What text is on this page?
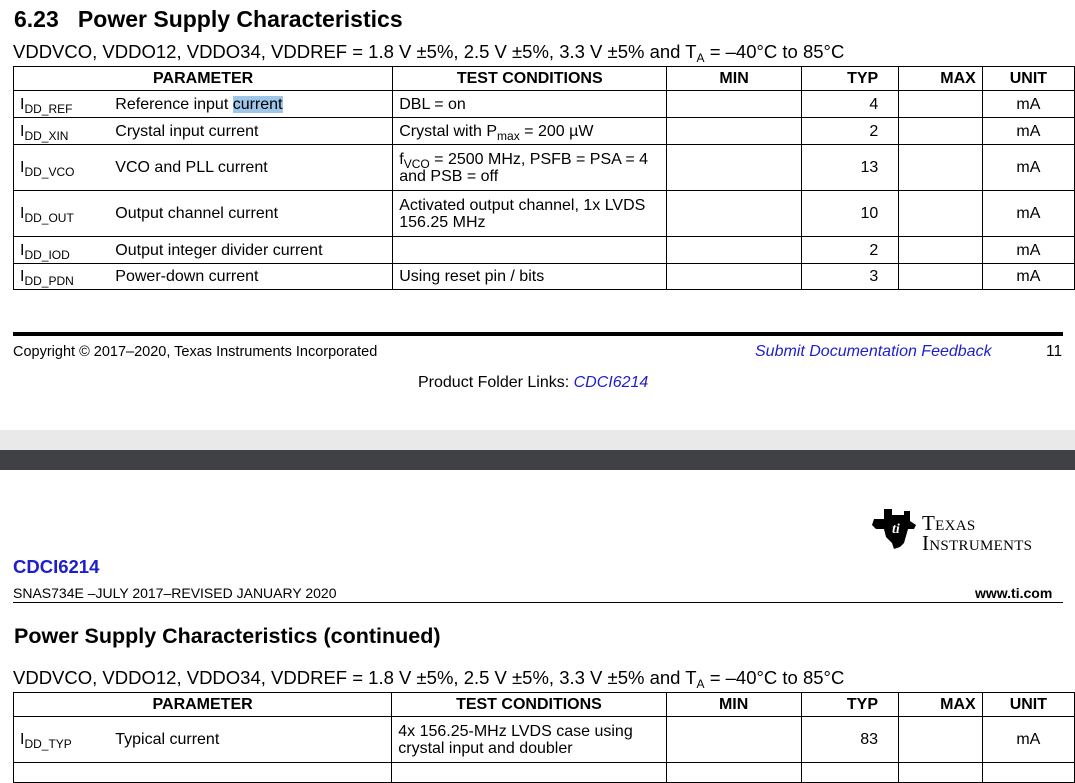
6.23   Power Supply Characteristics
VDDVCO, VDDO12, VDDO34, VDDREF = 1.8 V ±5%, 2.5 V ±5%, 3.3 V ±5% and $T_A = -40^\circ C$ to 85°C
PARAMETER		TEST CONDITIONS	MIN	TYP	MAX	UNIT
$I_{DD\_REF}$	Reference input current	DBL = on		4		mA
$I_{DD\_XIN}$	Crystal input current	Crystal with $P_{max} = 200$ µW		2		mA
$I_{DD\_VCO}$	VCO and PLL current	$f_{VCO} = 2500$ MHz, PSFB = PSA = 4
and PSB = off		13		mA
$I_{DD\_OUT}$	Output channel current	Activated output channel, 1x LVDS
156.25 MHz		10		mA
$I_{DD\_IOD}$	Output integer divider current			2		mA
$I_{DD\_PDN}$	Power-down current	Using reset pin / bits		3		mA
Copyright © 2017–2020, Texas Instruments Incorporated	Submit Documentation Feedback	11
Product Folder Links: CDCI6214
ti Texas
Instruments
CDCI6214
SNAS734E –JULY 2017–REVISED JANUARY 2020	www.ti.com
Power Supply Characteristics (continued)
VDDVCO, VDDO12, VDDO34, VDDREF = 1.8 V ±5%, 2.5 V ±5%, 3.3 V ±5% and $T_A = -40^\circ C$ to 85°C
PARAMETER		TEST CONDITIONS	MIN	TYP	MAX	UNIT
$I_{DD\_TYP}$	Typical current	4x 156.25-MHz LVDS case using
crystal input and doubler		83		mA
